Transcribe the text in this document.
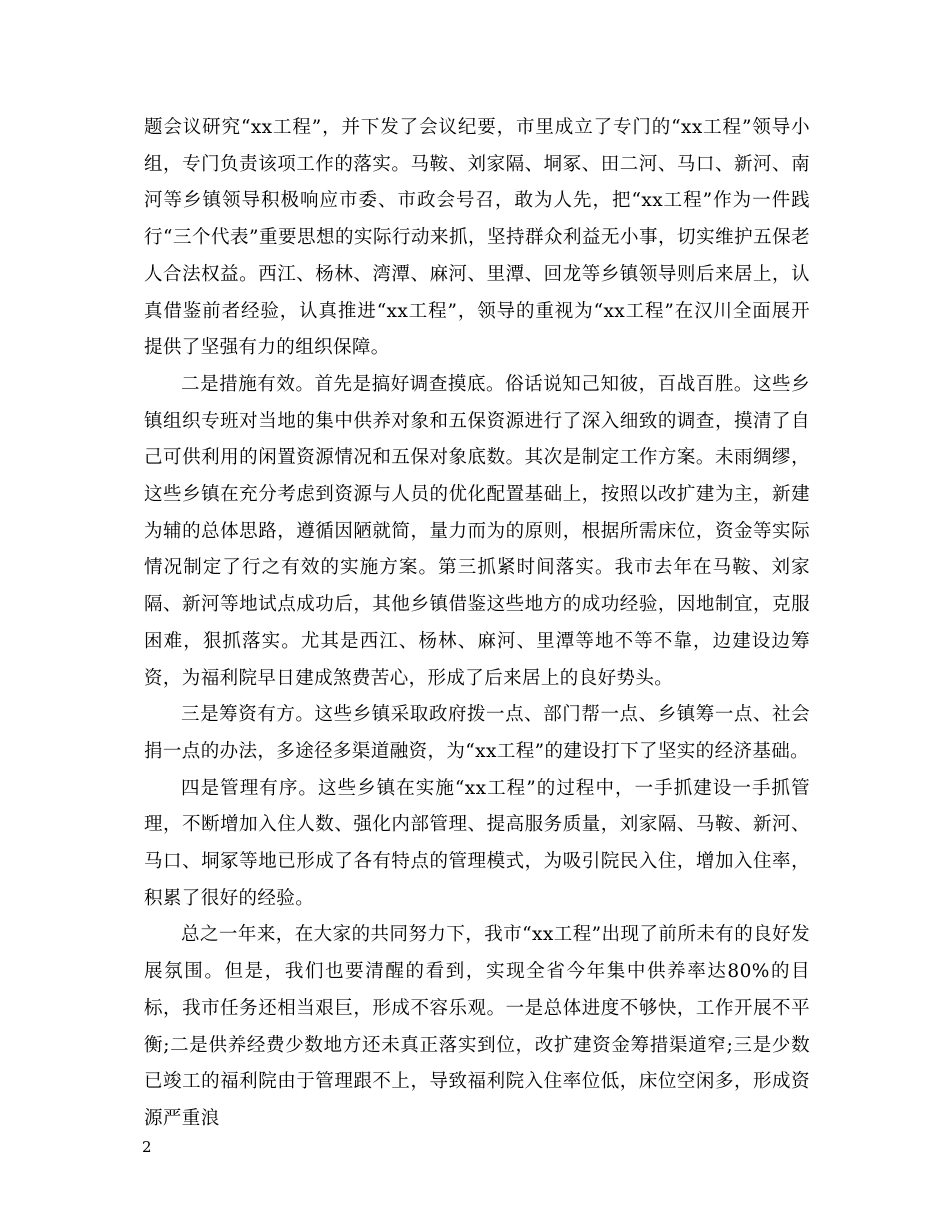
题会议研究“xx工程”，并下发了会议纪要，市里成立了专门的“xx工程”领导小组，专门负责该项工作的落实。马鞍、刘家隔、垌冢、田二河、马口、新河、南河等乡镇领导积极响应市委、市政会号召，敢为人先，把“xx工程”作为一件践行“三个代表”重要思想的实际行动来抓，坚持群众利益无小事，切实维护五保老人合法权益。西江、杨林、湾潭、麻河、里潭、回龙等乡镇领导则后来居上，认真借鉴前者经验，认真推进“xx工程”，领导的重视为“xx工程”在汉川全面展开提供了坚强有力的组织保障。

二是措施有效。首先是搞好调查摸底。俗话说知己知彼，百战百胜。这些乡镇组织专班对当地的集中供养对象和五保资源进行了深入细致的调查，摸清了自己可供利用的闲置资源情况和五保对象底数。其次是制定工作方案。未雨绸缪，这些乡镇在充分考虑到资源与人员的优化配置基础上，按照以改扩建为主，新建为辅的总体思路，遵循因陋就简，量力而为的原则，根据所需床位，资金等实际情况制定了行之有效的实施方案。第三抓紧时间落实。我市去年在马鞍、刘家隔、新河等地试点成功后，其他乡镇借鉴这些地方的成功经验，因地制宜，克服困难，狠抓落实。尤其是西江、杨林、麻河、里潭等地不等不靠，边建设边筹资，为福利院早日建成煞费苦心，形成了后来居上的良好势头。

三是筹资有方。这些乡镇采取政府拨一点、部门帮一点、乡镇筹一点、社会捐一点的办法，多途径多渠道融资，为“xx工程”的建设打下了坚实的经济基础。

四是管理有序。这些乡镇在实施“xx工程”的过程中，一手抓建设一手抓管理，不断增加入住人数、强化内部管理、提高服务质量，刘家隔、马鞍、新河、马口、垌冢等地已形成了各有特点的管理模式，为吸引院民入住，增加入住率，积累了很好的经验。

总之一年来，在大家的共同努力下，我市“xx工程”出现了前所未有的良好发展氛围。但是，我们也要清醒的看到，实现全省今年集中供养率达80%的目标，我市任务还相当艰巨，形成不容乐观。一是总体进度不够快，工作开展不平衡;二是供养经费少数地方还未真正落实到位，改扩建资金筹措渠道窄;三是少数已竣工的福利院由于管理跟不上，导致福利院入住率位低，床位空闲多，形成资源严重浪

2
